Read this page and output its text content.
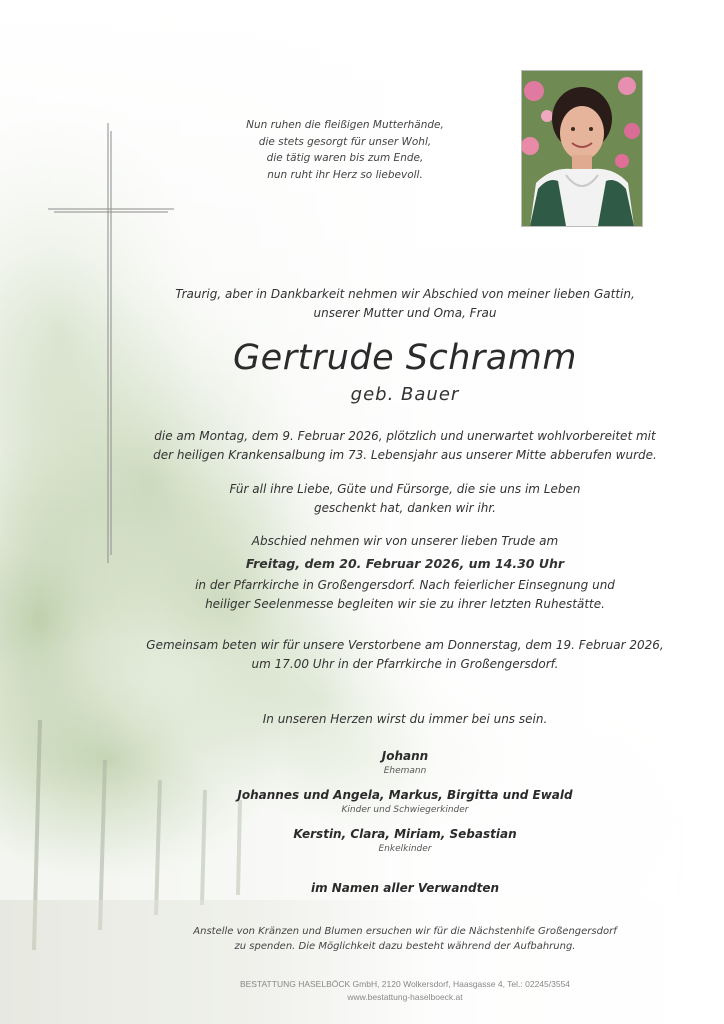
Nun ruhen die fleißigen Mutterhände,
die stets gesorgt für unser Wohl,
die tätig waren bis zum Ende,
nun ruht ihr Herz so liebevoll.
Traurig, aber in Dankbarkeit nehmen wir Abschied von meiner lieben Gattin,
unserer Mutter und Oma, Frau
Gertrude Schramm
geb. Bauer
die am Montag, dem 9. Februar 2026, plötzlich und unerwartet wohlvorbereitet mit
der heiligen Krankensalbung im 73. Lebensjahr aus unserer Mitte abberufen wurde.
Für all ihre Liebe, Güte und Fürsorge, die sie uns im Leben
geschenkt hat, danken wir ihr.
Abschied nehmen wir von unserer lieben Trude am
Freitag, dem 20. Februar 2026, um 14.30 Uhr
in der Pfarrkirche in Großengersdorf. Nach feierlicher Einsegnung und
heiliger Seelenmesse begleiten wir sie zu ihrer letzten Ruhestätte.
Gemeinsam beten wir für unsere Verstorbene am Donnerstag, dem 19. Februar 2026,
um 17.00 Uhr in der Pfarrkirche in Großengersdorf.
In unseren Herzen wirst du immer bei uns sein.
Johann
Ehemann
Johannes und Angela, Markus, Birgitta und Ewald
Kinder und Schwiegerkinder
Kerstin, Clara, Miriam, Sebastian
Enkelkinder
im Namen aller Verwandten
Anstelle von Kränzen und Blumen ersuchen wir für die Nächstenhife Großengersdorf
zu spenden. Die Möglichkeit dazu besteht während der Aufbahrung.
BESTATTUNG HASELBÖCK GmbH, 2120 Wolkersdorf, Haasgasse 4, Tel.: 02245/3554
www.bestattung-haselboeck.at
